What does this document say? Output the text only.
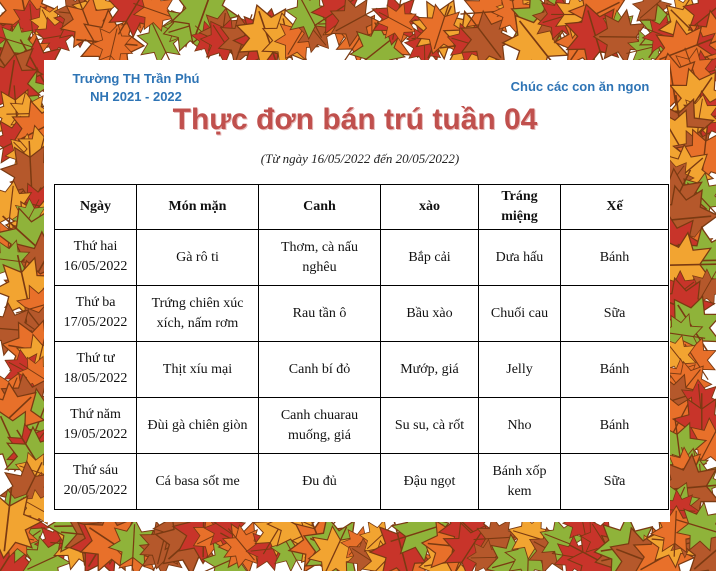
Trường TH Trần Phú
NH 2021 - 2022
Chúc các con ăn ngon
Thực đơn bán trú tuần 04
(Từ ngày 16/05/2022 đến 20/05/2022)
Ngày	Món mặn	Canh	xào	Tráng miệng	Xế

Thứ hai
16/05/2022	Gà rô ti	Thơm, cà nấu nghêu	Bắp cải	Dưa hấu	Bánh

Thứ ba
17/05/2022	Trứng chiên xúc xích, nấm rơm	Rau tần ô	Bầu xào	Chuối cau	Sữa

Thứ tư
18/05/2022	Thịt xíu mại	Canh bí đỏ	Mướp, giá	Jelly	Bánh

Thứ năm
19/05/2022	Đùi gà chiên giòn	Canh chuarau muống, giá	Su su, cà rốt	Nho	Bánh

Thứ sáu
20/05/2022	Cá basa sốt me	Đu đủ	Đậu ngọt	Bánh xốp kem	Sữa
